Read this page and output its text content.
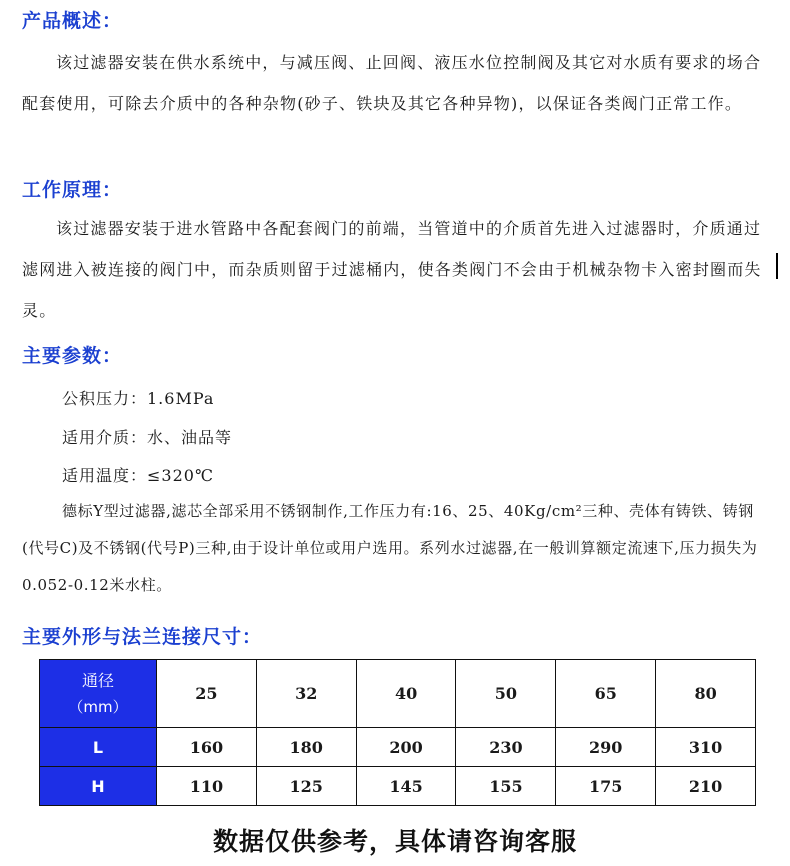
产品概述：

该过滤器安装在供水系统中，与减压阀、止回阀、液压水位控制阀及其它对水质有要求的场合配套使用，可除去介质中的各种杂物(砂子、铁块及其它各种异物)，以保证各类阀门正常工作。

工作原理：

该过滤器安装于进水管路中各配套阀门的前端，当管道中的介质首先进入过滤器时，介质通过滤网进入被连接的阀门中，而杂质则留于过滤桶内，使各类阀门不会由于机械杂物卡入密封圈而失灵。

主要参数：
公积压力：1.6MPa
适用介质：水、油品等
适用温度：≤320℃

德标Y型过滤器,滤芯全部采用不锈钢制作,工作压力有:16、25、40Kg/cm²三种、壳体有铸铁、铸钢(代号C)及不锈钢(代号P)三种,由于设计单位或用户选用。系列水过滤器,在一般训算额定流速下,压力损失为0.052-0.12米水柱。

主要外形与法兰连接尺寸：
通径
（mm）	25	32	40	50	65	80
L	160	180	200	230	290	310
H	110	125	145	155	175	210
数据仅供参考，具体请咨询客服
